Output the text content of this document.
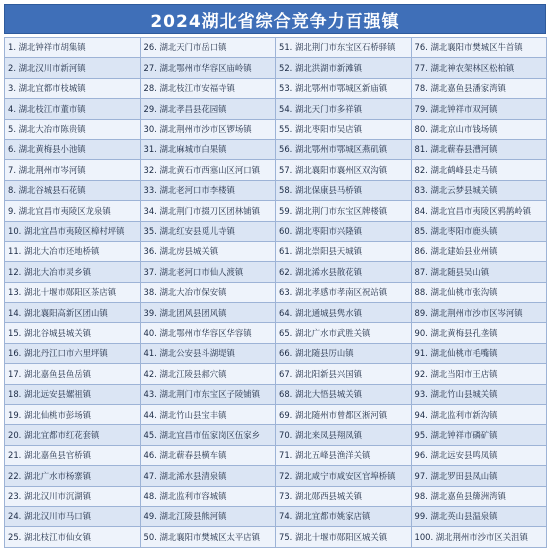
2024湖北省综合竞争力百强镇
1. 湖北钟祥市胡集镇	26. 湖北天门市岳口镇	51. 湖北荆门市东宝区石桥驿镇	76. 湖北襄阳市樊城区牛首镇
2. 湖北汉川市新河镇	27. 湖北鄂州市华容区庙岭镇	52. 湖北洪湖市新滩镇	77. 湖北神农架林区松柏镇
3. 湖北宜都市枝城镇	28. 湖北枝江市安福寺镇	53. 湖北鄂州市鄂城区新庙镇	78. 湖北嘉鱼县潘家湾镇
4. 湖北枝江市董市镇	29. 湖北孝昌县花园镇	54. 湖北天门市多祥镇	79. 湖北钟祥市双河镇
5. 湖北大冶市陈贵镇	30. 湖北荆州市沙市区锣场镇	55. 湖北枣阳市吴店镇	80. 湖北京山市钱场镇
6. 湖北黄梅县小池镇	31. 湖北麻城市白果镇	56. 湖北鄂州市鄂城区燕矶镇	81. 湖北蕲春县漕河镇
7. 湖北荆州市岑河镇	32. 湖北黄石市西塞山区河口镇	57. 湖北襄阳市襄州区双沟镇	82. 湖北鹤峰县走马镇
8. 湖北谷城县石花镇	33. 湖北老河口市李楼镇	58. 湖北保康县马桥镇	83. 湖北云梦县城关镇
9. 湖北宜昌市夷陵区龙泉镇	34. 湖北荆门市掇刀区团林铺镇	59. 湖北荆门市东宝区牌楼镇	84. 湖北宜昌市夷陵区鸦鹊岭镇
10. 湖北宜昌市夷陵区樟村坪镇	35. 湖北红安县觅儿寺镇	60. 湖北枣阳市兴隆镇	85. 湖北枣阳市鹿头镇
11. 湖北大冶市还地桥镇	36. 湖北房县城关镇	61. 湖北崇阳县天城镇	86. 湖北建始县业州镇
12. 湖北大冶市灵乡镇	37. 湖北老河口市仙人渡镇	62. 湖北浠水县散花镇	87. 湖北随县吴山镇
13. 湖北十堰市郧阳区茶店镇	38. 湖北大冶市保安镇	63. 湖北孝感市孝南区祝站镇	88. 湖北仙桃市张沟镇
14. 湖北襄阳高新区团山镇	39. 湖北团风县团风镇	64. 湖北通城县隽水镇	89. 湖北荆州市沙市区岑河镇
15. 湖北谷城县城关镇	40. 湖北鄂州市华容区华容镇	65. 湖北广水市武胜关镇	90. 湖北黄梅县孔垄镇
16. 湖北丹江口市六里坪镇	41. 湖北公安县斗湖堤镇	66. 湖北随县厉山镇	91. 湖北仙桃市毛嘴镇
17. 湖北嘉鱼县鱼岳镇	42. 湖北江陵县郝穴镇	67. 湖北阳新县兴国镇	92. 湖北当阳市王店镇
18. 湖北远安县嫘祖镇	43. 湖北荆门市东宝区子陵铺镇	68. 湖北大悟县城关镇	93. 湖北竹山县城关镇
19. 湖北仙桃市彭场镇	44. 湖北竹山县宝丰镇	69. 湖北随州市曾都区淅河镇	94. 湖北监利市新沟镇
20. 湖北宜都市红花套镇	45. 湖北宜昌市伍家岗区伍家乡	70. 湖北来凤县翔凤镇	95. 湖北钟祥市磷矿镇
21. 湖北嘉鱼县官桥镇	46. 湖北蕲春县横车镇	71. 湖北五峰县渔洋关镇	96. 湖北远安县鸣凤镇
22. 湖北广水市杨寨镇	47. 湖北浠水县清泉镇	72. 湖北咸宁市咸安区官埠桥镇	97. 湖北罗田县凤山镇
23. 湖北汉川市沉湖镇	48. 湖北监利市容城镇	73. 湖北郧西县城关镇	98. 湖北嘉鱼县簰洲湾镇
24. 湖北汉川市马口镇	49. 湖北江陵县熊河镇	74. 湖北宜都市姚家店镇	99. 湖北英山县温泉镇
25. 湖北枝江市仙女镇	50. 湖北襄阳市樊城区太平店镇	75. 湖北十堰市郧阳区城关镇	100. 湖北荆州市沙市区关沮镇
